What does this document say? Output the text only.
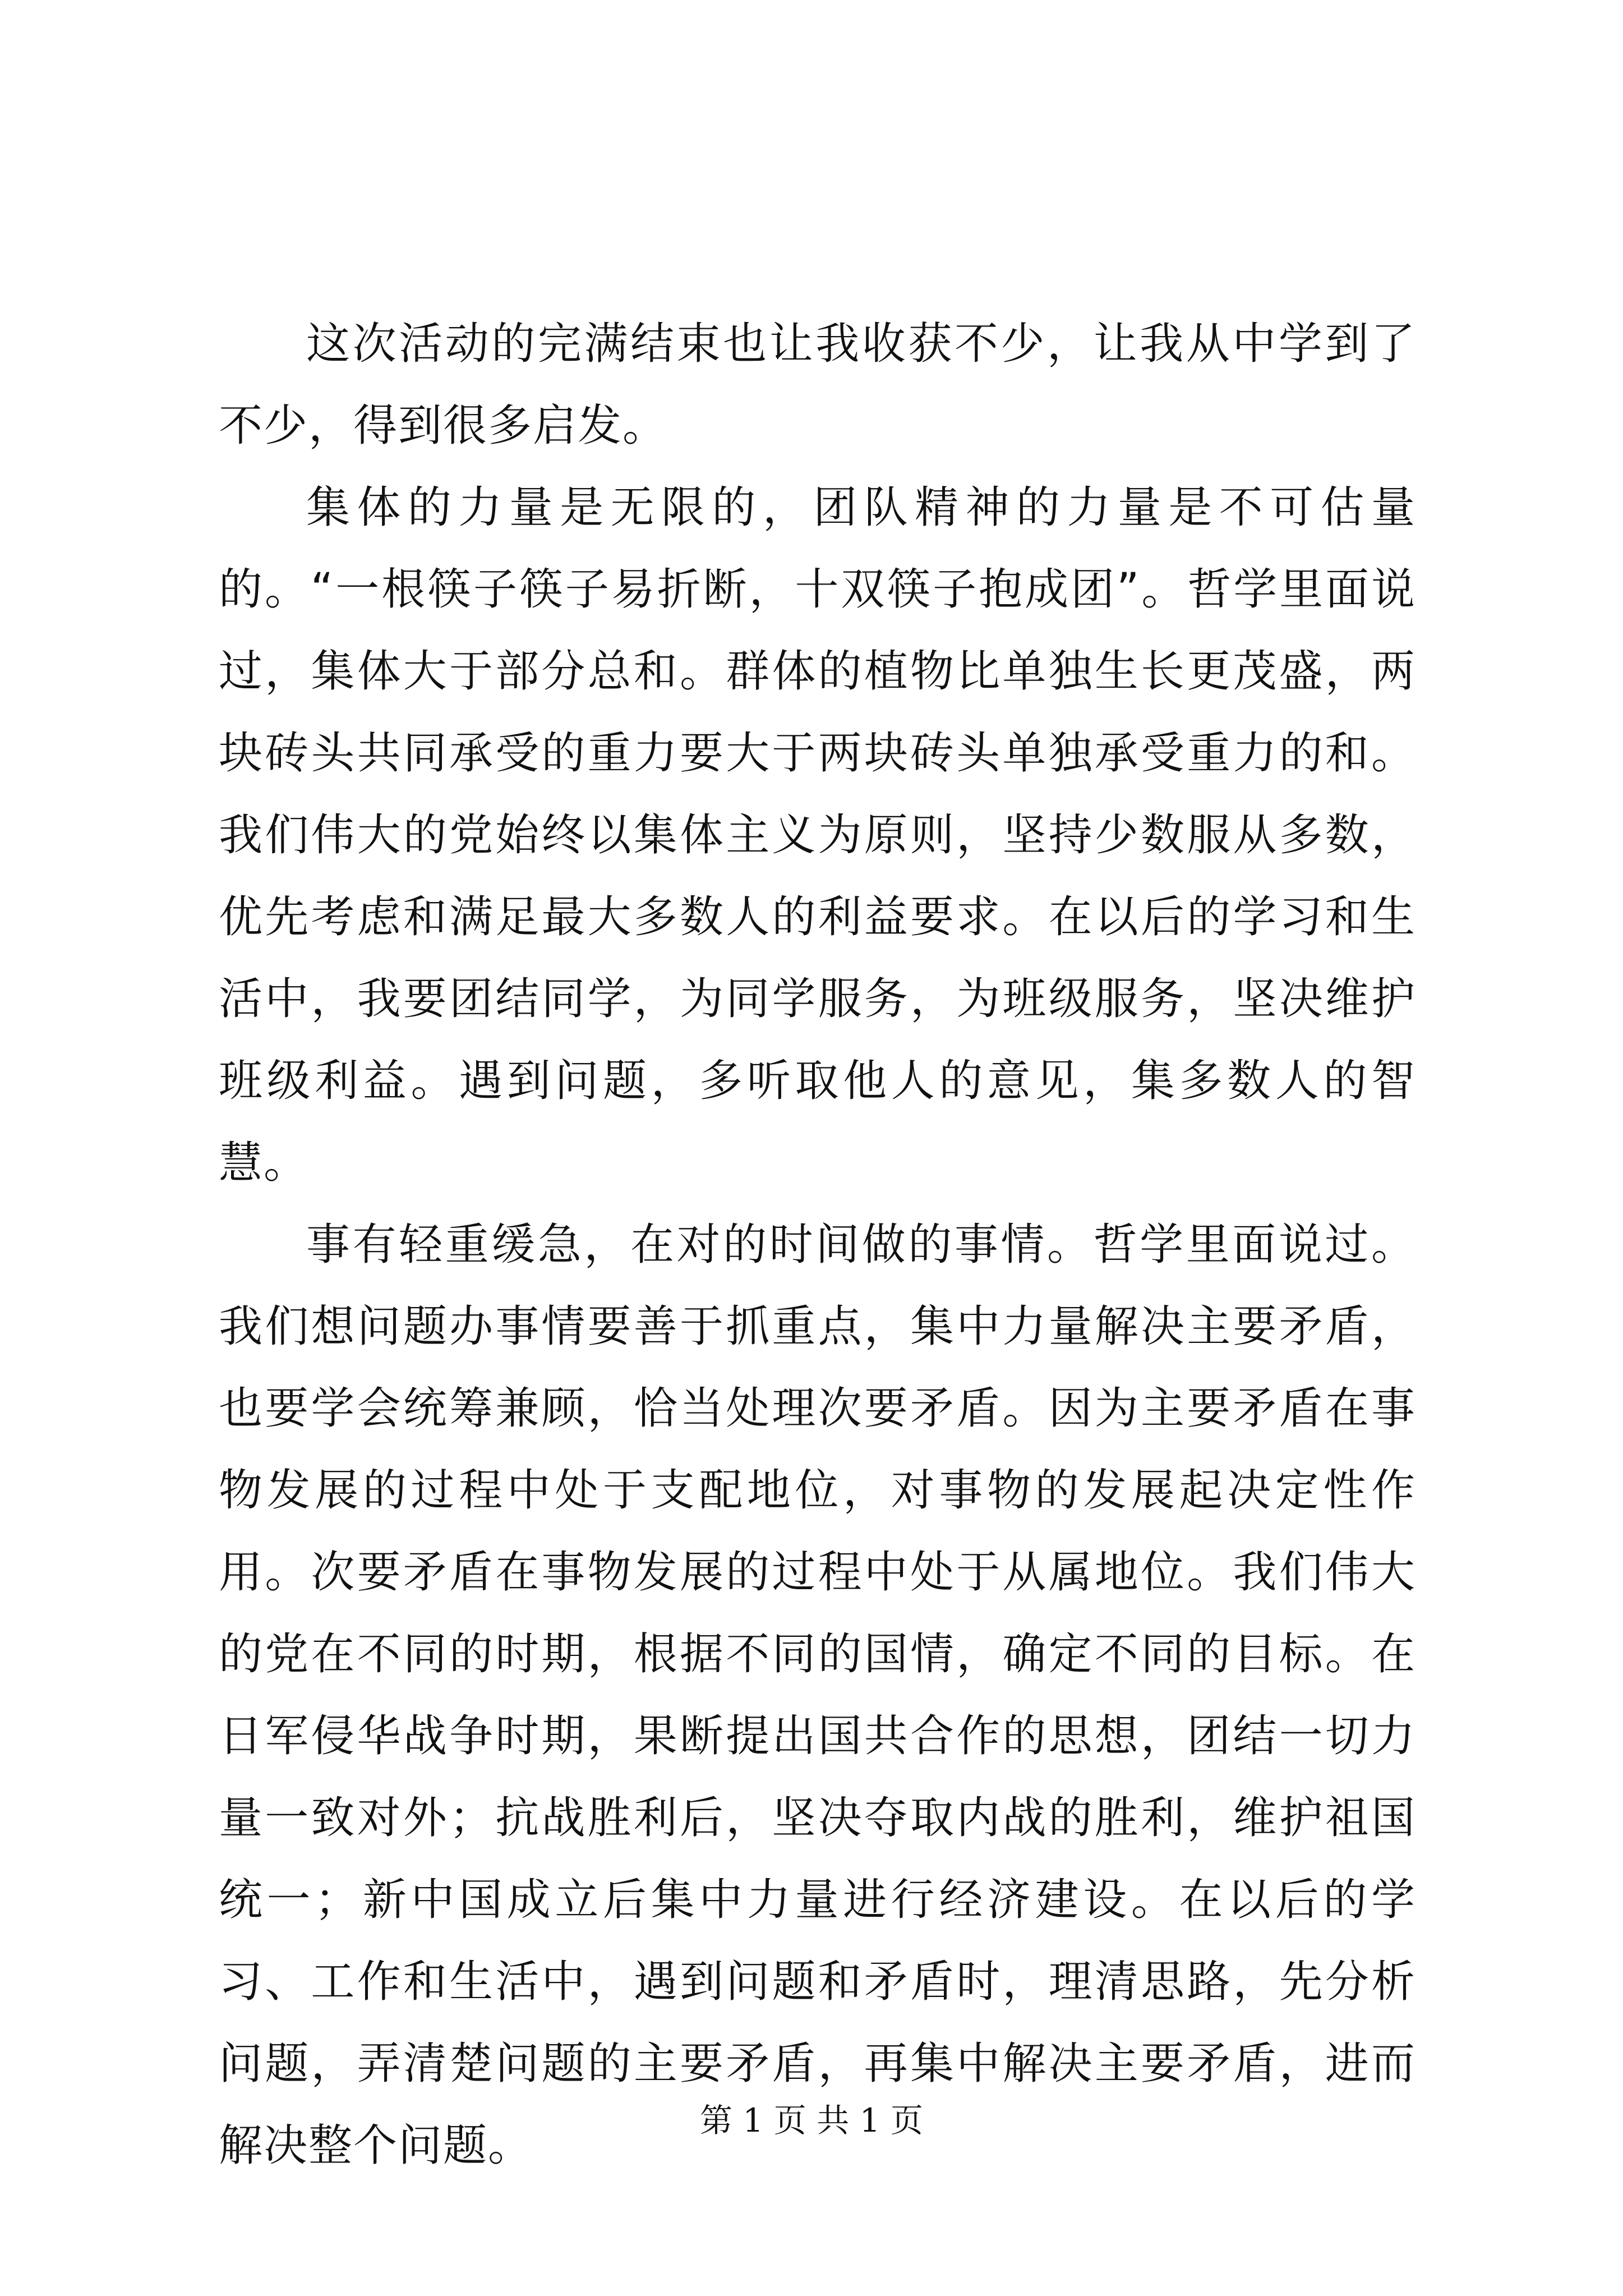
这次活动的完满结束也让我收获不少，让我从中学到了不少，得到很多启发。

集体的力量是无限的，团队精神的力量是不可估量的。“一根筷子筷子易折断，十双筷子抱成团”。哲学里面说过，集体大于部分总和。群体的植物比单独生长更茂盛，两块砖头共同承受的重力要大于两块砖头单独承受重力的和。我们伟大的党始终以集体主义为原则，坚持少数服从多数，优先考虑和满足最大多数人的利益要求。在以后的学习和生活中，我要团结同学，为同学服务，为班级服务，坚决维护班级利益。遇到问题，多听取他人的意见，集多数人的智慧。

事有轻重缓急，在对的时间做的事情。哲学里面说过。我们想问题办事情要善于抓重点，集中力量解决主要矛盾，也要学会统筹兼顾，恰当处理次要矛盾。因为主要矛盾在事物发展的过程中处于支配地位，对事物的发展起决定性作用。次要矛盾在事物发展的过程中处于从属地位。我们伟大的党在不同的时期，根据不同的国情，确定不同的目标。在日军侵华战争时期，果断提出国共合作的思想，团结一切力量一致对外；抗战胜利后，坚决夺取内战的胜利，维护祖国统一；新中国成立后集中力量进行经济建设。在以后的学习、工作和生活中，遇到问题和矛盾时，理清思路，先分析问题，弄清楚问题的主要矛盾，再集中解决主要矛盾，进而解决整个问题。	第 1 页 共 1 页
